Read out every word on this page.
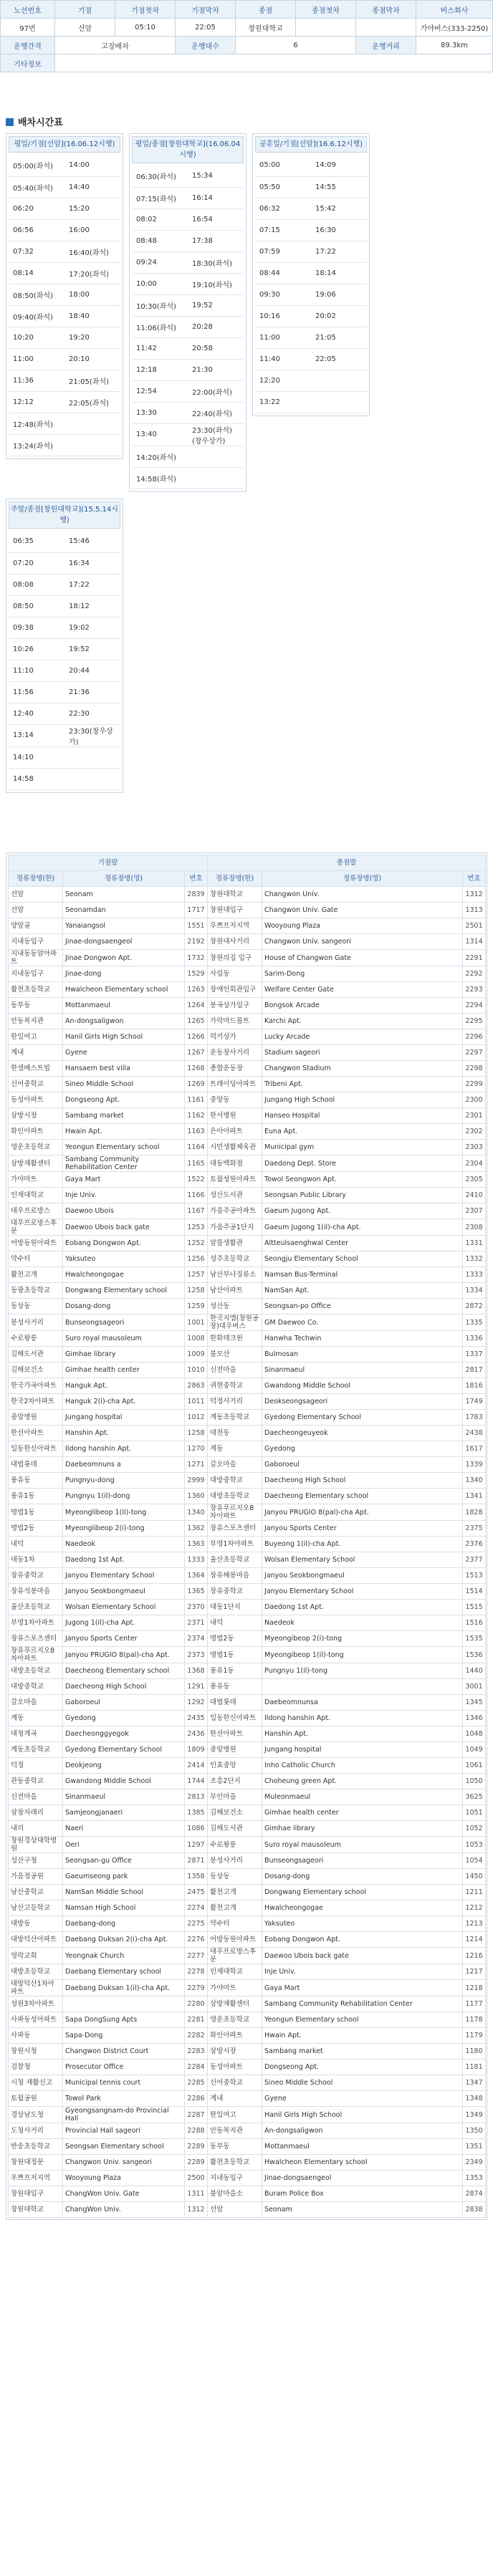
노선번호	기점	기점첫차	기점막차	종점	종점첫차	종점막차	버스회사
97번	선암	05:10	22:05	창원대학교			가야버스(333-2250)
운행간격	고장배차		운행대수	6		운행거리	89.3km
기타정보							
배차시간표
평일/기점[선암](16.06.12시행)
05:00(좌석)	14:00
05:40(좌석)	14:40
06:20	15:20
06:56	16:00
07:32	16:40(좌석)
08:14	17:20(좌석)
08:50(좌석)	18:00
09:40(좌석)	18:40
10:20	19:20
11:00	20:10
11:36	21:05(좌석)
12:12	22:05(좌석)
12:48(좌석)	
13:24(좌석)	
평일/종점[창원대학교](16.06.04시행)
06:30(좌석)	15:34
07:15(좌석)	16:14
08:02	16:54
08:48	17:38
09:24	18:30(좌석)
10:00	19:10(좌석)
10:30(좌석)	19:52
11:06(좌석)	20:28
11:42	20:58
12:18	21:30
12:54	22:00(좌석)
13:30	22:40(좌석)
13:40	23:30(좌석)(창우상가)
14:20(좌석)	
14:58(좌석)	
공휴일/기점[선암](16.6.12시행)
05:00	14:09
05:50	14:55
06:32	15:42
07:15	16:30
07:59	17:22
08:44	18:14
09:30	19:06
10:16	20:02
11:00	21:05
11:40	22:05
12:20	
13:22	
주말/종점[창원대학교](15.5.14시행)
06:35	15:46
07:20	16:34
08:08	17:22
08:50	18:12
09:38	19:02
10:26	19:52
11:10	20:44
11:56	21:36
12:40	22:30
13:14	23:30(창우상가)
14:10	
14:58	
기점발			종점발		
정류장명(한)	정류장명(영)	번호	정류장명(한)	정류장명(영)	번호
선암	Seonam	2839	창원대학교	Changwon Univ.	1312
선암	Seonamdan	1717	창원대입구	Changwon Univ. Gate	1313
양암골	Yanaiangsol	1551	우쁘프저지역	Wooyoung Plaza	2501
지내동입구	Jinae-dongsaengeol	2192	창원대사거리	Changwon Univ. sangeori	1314
지내동동암아파트	Jinae Dongwon Apt.	1732	창원의집 입구	House of Changwon Gate	2291
지내동입구	Jinae-dong	1529	사림동	Sarim-Dong	2292
활천초등학교	Hwalcheon Elementary school	1263	장애인회관입구	Welfare Center Gate	2293
동부동	Mottanmaeul	1264	봉곡상가입구	Bongsok Arcade	2294
안동복지관	An-dongsaligwon	1265	가락마드몰트	Karchi Apt.	2295
한일여고	Hanil Girls High School	1266	럭키상가	Lucky Arcade	2296
계내	Gyene	1267	운동장사거리	Stadium sageori	2297
한샘베스트빌	Hansaem best villa	1268	종합운동장	Changwon Stadium	2298
신어중학교	Sineo Middle School	1269	트레이딩아파트	Tribeni Apt.	2299
동성아파트	Dongseong Apt.	1161	중앙동	Jungang High School	2300
삼방시장	Sambang market	1162	한서병원	Hanseo Hospital	2301
화인아파트	Hwain Apt.	1163	은아아파트	Euna Apt.	2302
영운초등학교	Yeongun Elementary school	1164	시민생활체육관	Municipal gym	2303
삼방재활센터	Sambang Community Rehabilitation Center	1165	대동백화점	Daedong Dept. Store	2304
가야마트	Gaya Mart	1522	토월성원아파트	Towol Seongwon Apt.	2305
인제대학교	Inje Univ.	1166	성산도서관	Seongsan Public Library	2410
대우프로방스	Daewoo Ubois	1167	가음주공아파트	Gaeum Jugong Apt.	2307
대우프로방스후문	Daewoo Ubois back gate	1253	가음주공1단지	Gaeum Jugong 1(il)-cha Apt.	2308
어방동원아파트	Eobang Dongwon Apt.	1252	알뜰생활관	Altteulsaenghwal Center	1331
약수터	Yaksuteo	1256	성주초등학교	Seongju Elementary School	1332
활천고개	Hwalcheongogae	1257	남산부나징류소	Namsan Bus-Terminal	1333
동광초등학교	Dongwang Elementary school	1258	남산아파트	NamSan Apt.	1334
동상동	Dosang-dong	1259	성산동	Seongsan-po Office	2872
봉성사거리	Bunseongsageori	1001	한국지엠(창원공장)대우버스	GM Daewoo Co.	1335
수로왕릉	Suro royal mausoleum	1008	한화테크윈	Hanwha Techwin	1336
김해도서관	Gimhae library	1009	불모산	Bulmosan	1337
김해보건소	Gimhae health center	1010	신전마을	Sinanmaeul	2817
한국가곡아파트	Hanguk Apt.	2863	귀현중학교	Gwandong Middle School	1816
한국2차아파트	Hanguk 2(i)-cha Apt.	1011	덕정사거리	Deokseongsageori	1749
중앙병원	Jungang hospital	1012	계동초등학교	Gyedong Elementary School	1783
한선아파트	Hanshin Apt.	1258	대천동	Daecheongeuyeok	2438
일동한신아파트	Ildong hanshin Apt.	1270	계동	Gyedong	1617
대법롯데	Daebeomnuns a	1271	갈오마을	Gaboroeul	1339
풍유동	Pungnyu-dong	2999	대방중학교	Daecheong High School	1340
풍유1동	Pungnyu 1(il)-dong	1360	대방초등학교	Daecheong Elementary school	1341
명법1동	Myeonglibeop 1(il)-tong	1340	장유푸르지오8차아파트	Janyou PRUGIO 8(pal)-cha Apt.	1828
명법2동	Myeonglibeop 2(i)-tong	1362	장유스포츠센터	Janyou Sports Center	2375
내덕	Naedeok	1363	부영1차아파트	Buyeong 1(il)-cha Apt.	2376
대동1차	Daedong 1st Apt.	1333	율산초등학교	Wolsan Elementary School	2377
장유중학교	Janyou Elementary School	1364	장유해봉마을	Janyou Seokbongmaeul	1513
장유석봉마을	Janyou Seokbongmaeul	1365	장유중학교	Janyou Elementary School	1514
율산초등학교	Wolsan Elementary School	2370	대동1단지	Daedong 1st Apt.	1515
부영1차아파트	Jugong 1(il)-cha Apt.	2371	내덕	Naedeok	1516
장유스포츠센터	Janyou Sports Center	2374	명법2동	Myeongibeop 2(i)-tong	1535
장유푸르지오8차아파트	Janyou PRUGIO 8(pal)-cha Apt.	2373	명법1동	Myeongibeop 1(il)-tong	1536
대방초등학교	Daecheong Elementary school	1368	풍유1동	Pungnyu 1(il)-tong	1440
대방중학교	Daecheong High School	1291	풍유동		3001
갈오마을	Gaboroeul	1292	대법롯데	Daebeomnunsa	1345
계동	Gyedong	2435	일동한신아파트	Ildong hanshin Apt.	1346
대청계곡	Daecheonggyegok	2436	한선아파트	Hanshin Apt.	1048
계동초등학교	Gyedong Elementary School	1809	중앙병원	Jungang hospital	1049
덕정	Deokjeong	2414	인효중앙	Inho Catholic Church	1061
관동중학교	Gwandong Middle School	1744	조흥2단지	Choheung green Apt.	1050
신전마을	Sinanmaeul	2813	무인마을	Muleonmaeul	3625
삼장자래리	Samjeongjanaeri	1385	김해보건소	Gimhae health center	1051
내리	Naeri	1086	김해도서관	Gimhae library	1052
창원경상대학병원	Oeri	1297	수로왕릉	Suro royal mausoleum	1053
성산구청	Seongsan-gu Office	2871	봉성사거리	Bunseongsageori	1054
가음정공원	Gaeumseong park	1358	동상동	Dosang-dong	1450
남산중학교	NamSan Middle School	2475	활천고개	Dongwang Elementary school	1211
남산고등학교	Namsan High School	2274	활천고개	Hwalcheongogae	1212
대방동	Daebang-dong	2275	약수터	Yaksuteo	1213
대방덕산아파트	Daebang Duksan 2(i)-cha Apt.	2276	어방동원아파트	Eobang Dongwon Apt.	1214
영락교회	Yeongnak Church	2277	대우프로방스후문	Daewoo Ubois back gate	1216
대방초등학교	Daebang Elementary school	2278	인제대학교	Inje Univ.	1217
대방덕산1차아파트	Daebang Duksan 1(il)-cha Apt.	2279	가야마트	Gaya Mart	1218
성원3차아파트		2280	삼방재활센터	Sambang Community Rehabilitation Center	1177
사파동성아파트	Sapa DongSung Apts	2281	영운초등학교	Yeongun Elementary school	1178
사파동	Sapa-Dong	2282	화인아파트	Hwain Apt.	1179
창원시청	Changwon District Court	2283	삼방시장	Sambang market	1180
검찰청	Prosecutor Office	2284	동성아파트	Dongseong Apt.	1181
시청 재활신고	Municipal tennis court	2285	신어중학교	Sineo Middle School	1347
토월공원	Towol Park	2286	계내	Gyene	1348
경상남도청	Gyeongsangnam-do Provincial Hall	2287	한일여고	Hanil Girls High School	1349
도청사거리	Provincial Hall sageori	2288	안동복지관	An-dongsaligwon	1350
반송초등학교	Seongsan Elementary school	2289	동부동	Mottanmaeul	1351
창원대정문	Changwon Univ. sangeori	2289	활천초등학교	Hwalcheon Elementary school	2349
우쁘프저지역	Wooyoung Plaza	2500	지내동입구	Jinae-dongsaengeol	1353
창원대입구	ChangWon Univ. Gate	1311	불암마을소	Buram Police Box	2874
창원대학교	ChangWon Univ.	1312	선암	Seonam	2838
